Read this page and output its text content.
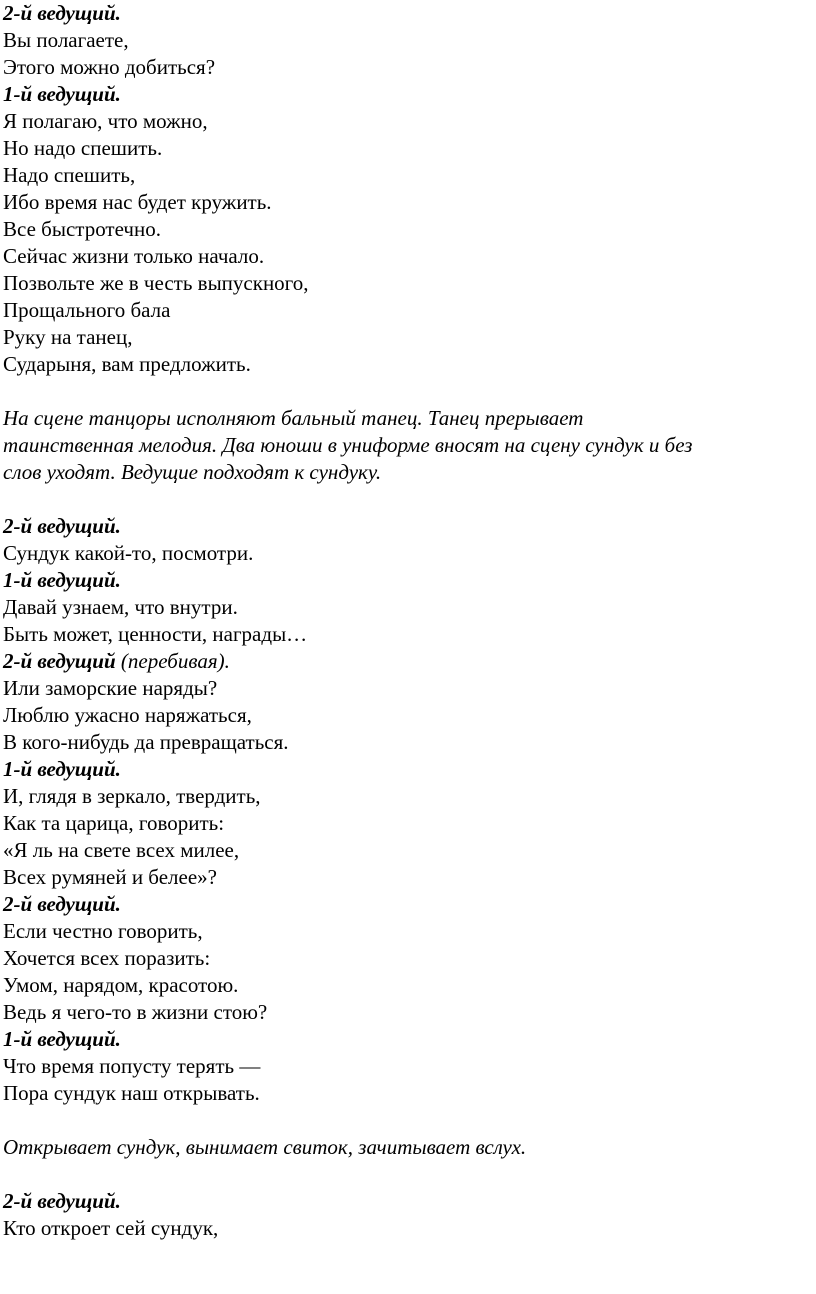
2-й ведущий.
Вы полагаете,
Этого можно добиться?
1-й ведущий.
Я полагаю, что можно,
Но надо спешить.
Надо спешить,
Ибо время нас будет кружить.
Все быстротечно.
Сейчас жизни только начало.
Позвольте же в честь выпускного,
Прощального бала
Руку на танец,
Сударыня, вам предложить.
На сцене танцоры исполняют бальный танец. Танец прерывает
таинственная мелодия. Два юноши в униформе вносят на сцену сундук и без
слов уходят. Ведущие подходят к сундуку.
2-й ведущий.
Сундук какой-то, посмотри.
1-й ведущий.
Давай узнаем, что внутри.
Быть может, ценности, награды…
2-й ведущий (перебивая).
Или заморские наряды?
Люблю ужасно наряжаться,
В кого-нибудь да превращаться.
1-й ведущий.
И, глядя в зеркало, твердить,
Как та царица, говорить:
«Я ль на свете всех милее,
Всех румяней и белее»?
2-й ведущий.
Если честно говорить,
Хочется всех поразить:
Умом, нарядом, красотою.
Ведь я чего-то в жизни стою?
1-й ведущий.
Что время попусту терять —
Пора сундук наш открывать.
Открывает сундук, вынимает свиток, зачитывает вслух.
2-й ведущий.
Кто откроет сей сундук,
